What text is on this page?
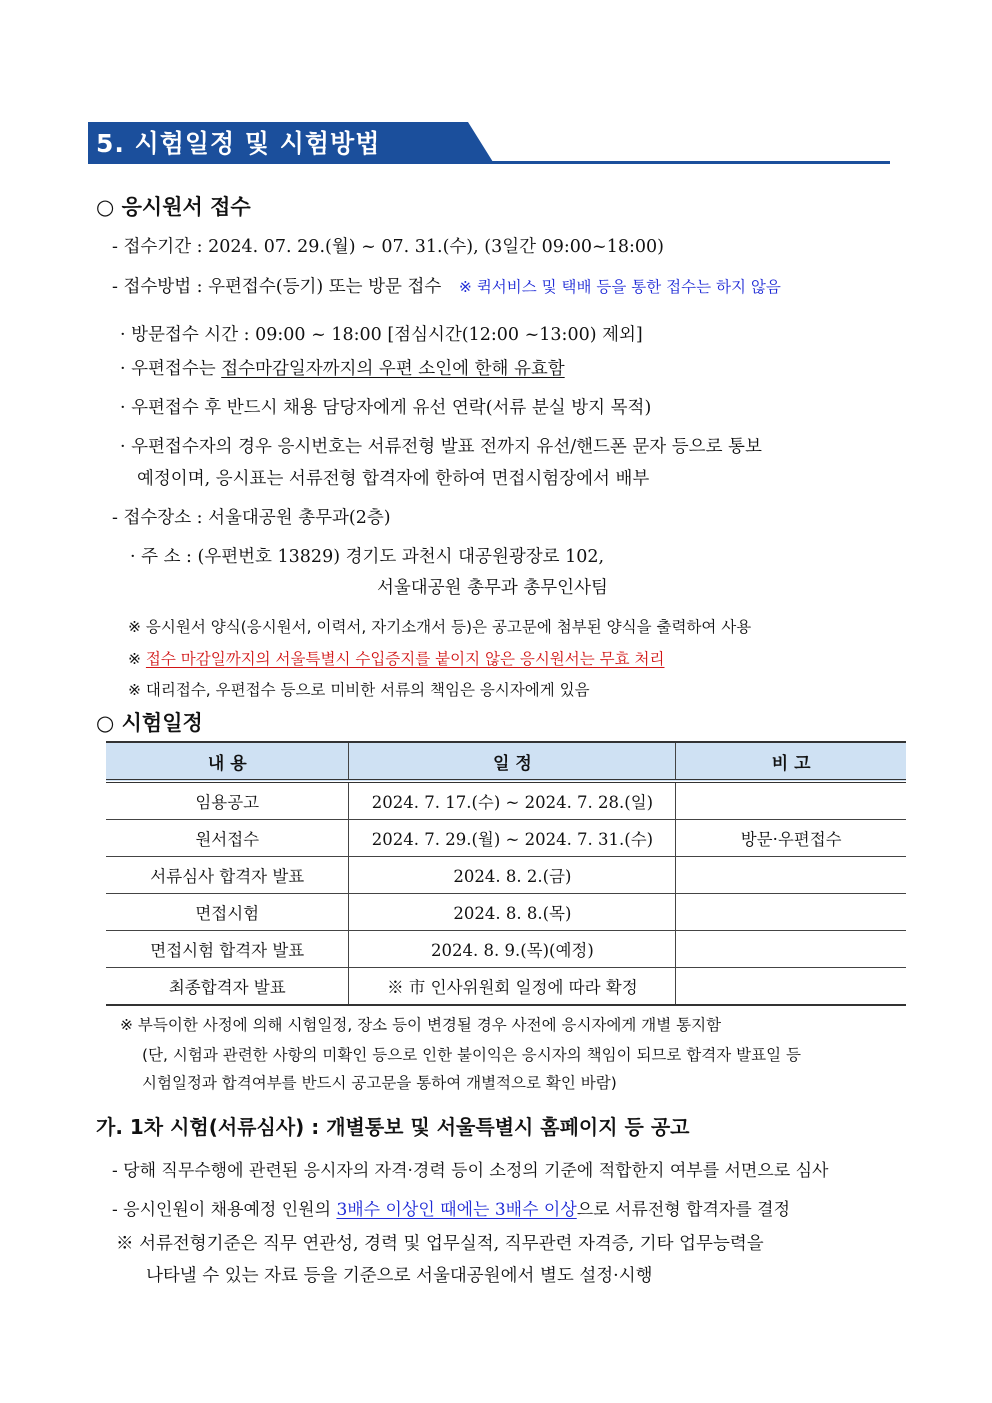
5. 시험일정 및 시험방법
○ 응시원서 접수
- 접수기간 : 2024. 07. 29.(월) ~ 07. 31.(수), (3일간 09:00~18:00)
- 접수방법 : 우편접수(등기) 또는 방문 접수 ※ 퀵서비스 및 택배 등을 통한 접수는 하지 않음
· 방문접수 시간 : 09:00 ~ 18:00 [점심시간(12:00 ~13:00) 제외]
· 우편접수는 접수마감일자까지의 우편 소인에 한해 유효함
· 우편접수 후 반드시 채용 담당자에게 유선 연락(서류 분실 방지 목적)
· 우편접수자의 경우 응시번호는 서류전형 발표 전까지 유선/핸드폰 문자 등으로 통보
예정이며, 응시표는 서류전형 합격자에 한하여 면접시험장에서 배부
- 접수장소 : 서울대공원 총무과(2층)
· 주 소 : (우편번호 13829) 경기도 과천시 대공원광장로 102,
서울대공원 총무과 총무인사팀
※ 응시원서 양식(응시원서, 이력서, 자기소개서 등)은 공고문에 첨부된 양식을 출력하여 사용
※ 접수 마감일까지의 서울특별시 수입증지를 붙이지 않은 응시원서는 무효 처리
※ 대리접수, 우편접수 등으로 미비한 서류의 책임은 응시자에게 있음
○ 시험일정
내 용	일 정	비 고
임용공고	2024. 7. 17.(수) ~ 2024. 7. 28.(일)	
원서접수	2024. 7. 29.(월) ~ 2024. 7. 31.(수)	방문·우편접수
서류심사 합격자 발표	2024. 8. 2.(금)	
면접시험	2024. 8. 8.(목)	
면접시험 합격자 발표	2024. 8. 9.(목)(예정)	
최종합격자 발표	※ 市 인사위원회 일정에 따라 확정	
※ 부득이한 사정에 의해 시험일정, 장소 등이 변경될 경우 사전에 응시자에게 개별 통지함
(단, 시험과 관련한 사항의 미확인 등으로 인한 불이익은 응시자의 책임이 되므로 합격자 발표일 등
시험일정과 합격여부를 반드시 공고문을 통하여 개별적으로 확인 바람)
가. 1차 시험(서류심사) : 개별통보 및 서울특별시 홈페이지 등 공고
- 당해 직무수행에 관련된 응시자의 자격·경력 등이 소정의 기준에 적합한지 여부를 서면으로 심사
- 응시인원이 채용예정 인원의 3배수 이상인 때에는 3배수 이상으로 서류전형 합격자를 결정
※ 서류전형기준은 직무 연관성, 경력 및 업무실적, 직무관련 자격증, 기타 업무능력을
나타낼 수 있는 자료 등을 기준으로 서울대공원에서 별도 설정·시행
